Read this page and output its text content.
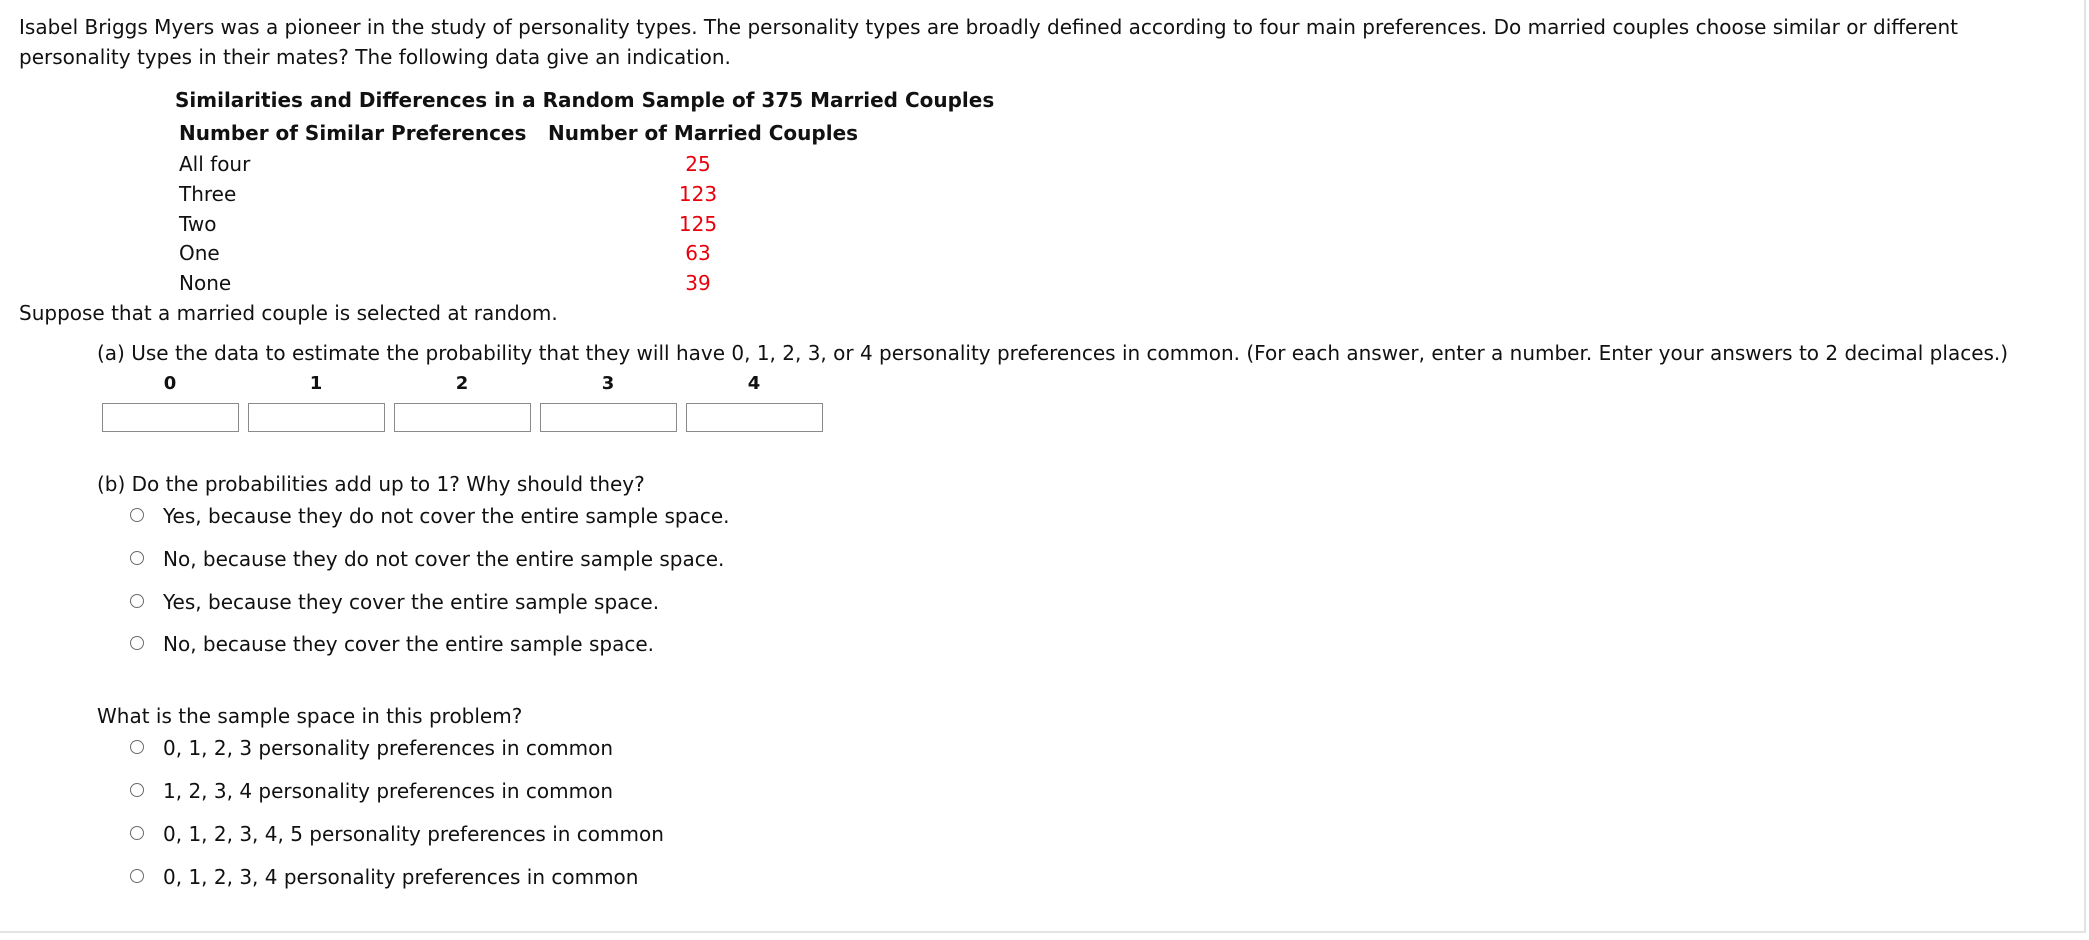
Isabel Briggs Myers was a pioneer in the study of personality types. The personality types are broadly defined according to four main preferences. Do married couples choose similar or different personality types in their mates? The following data give an indication.
Similarities and Differences in a Random Sample of 375 Married Couples
Number of Similar Preferences Number of Married Couples
All four	25
Three	123
Two	125
One	63
None	39
Suppose that a married couple is selected at random.
(a) Use the data to estimate the probability that they will have 0, 1, 2, 3, or 4 personality preferences in common. (For each answer, enter a number. Enter your answers to 2 decimal places.)
0	1	2	3	4
(b) Do the probabilities add up to 1? Why should they?
Yes, because they do not cover the entire sample space.
No, because they do not cover the entire sample space.
Yes, because they cover the entire sample space.
No, because they cover the entire sample space.
What is the sample space in this problem?
0, 1, 2, 3 personality preferences in common
1, 2, 3, 4 personality preferences in common
0, 1, 2, 3, 4, 5 personality preferences in common
0, 1, 2, 3, 4 personality preferences in common
